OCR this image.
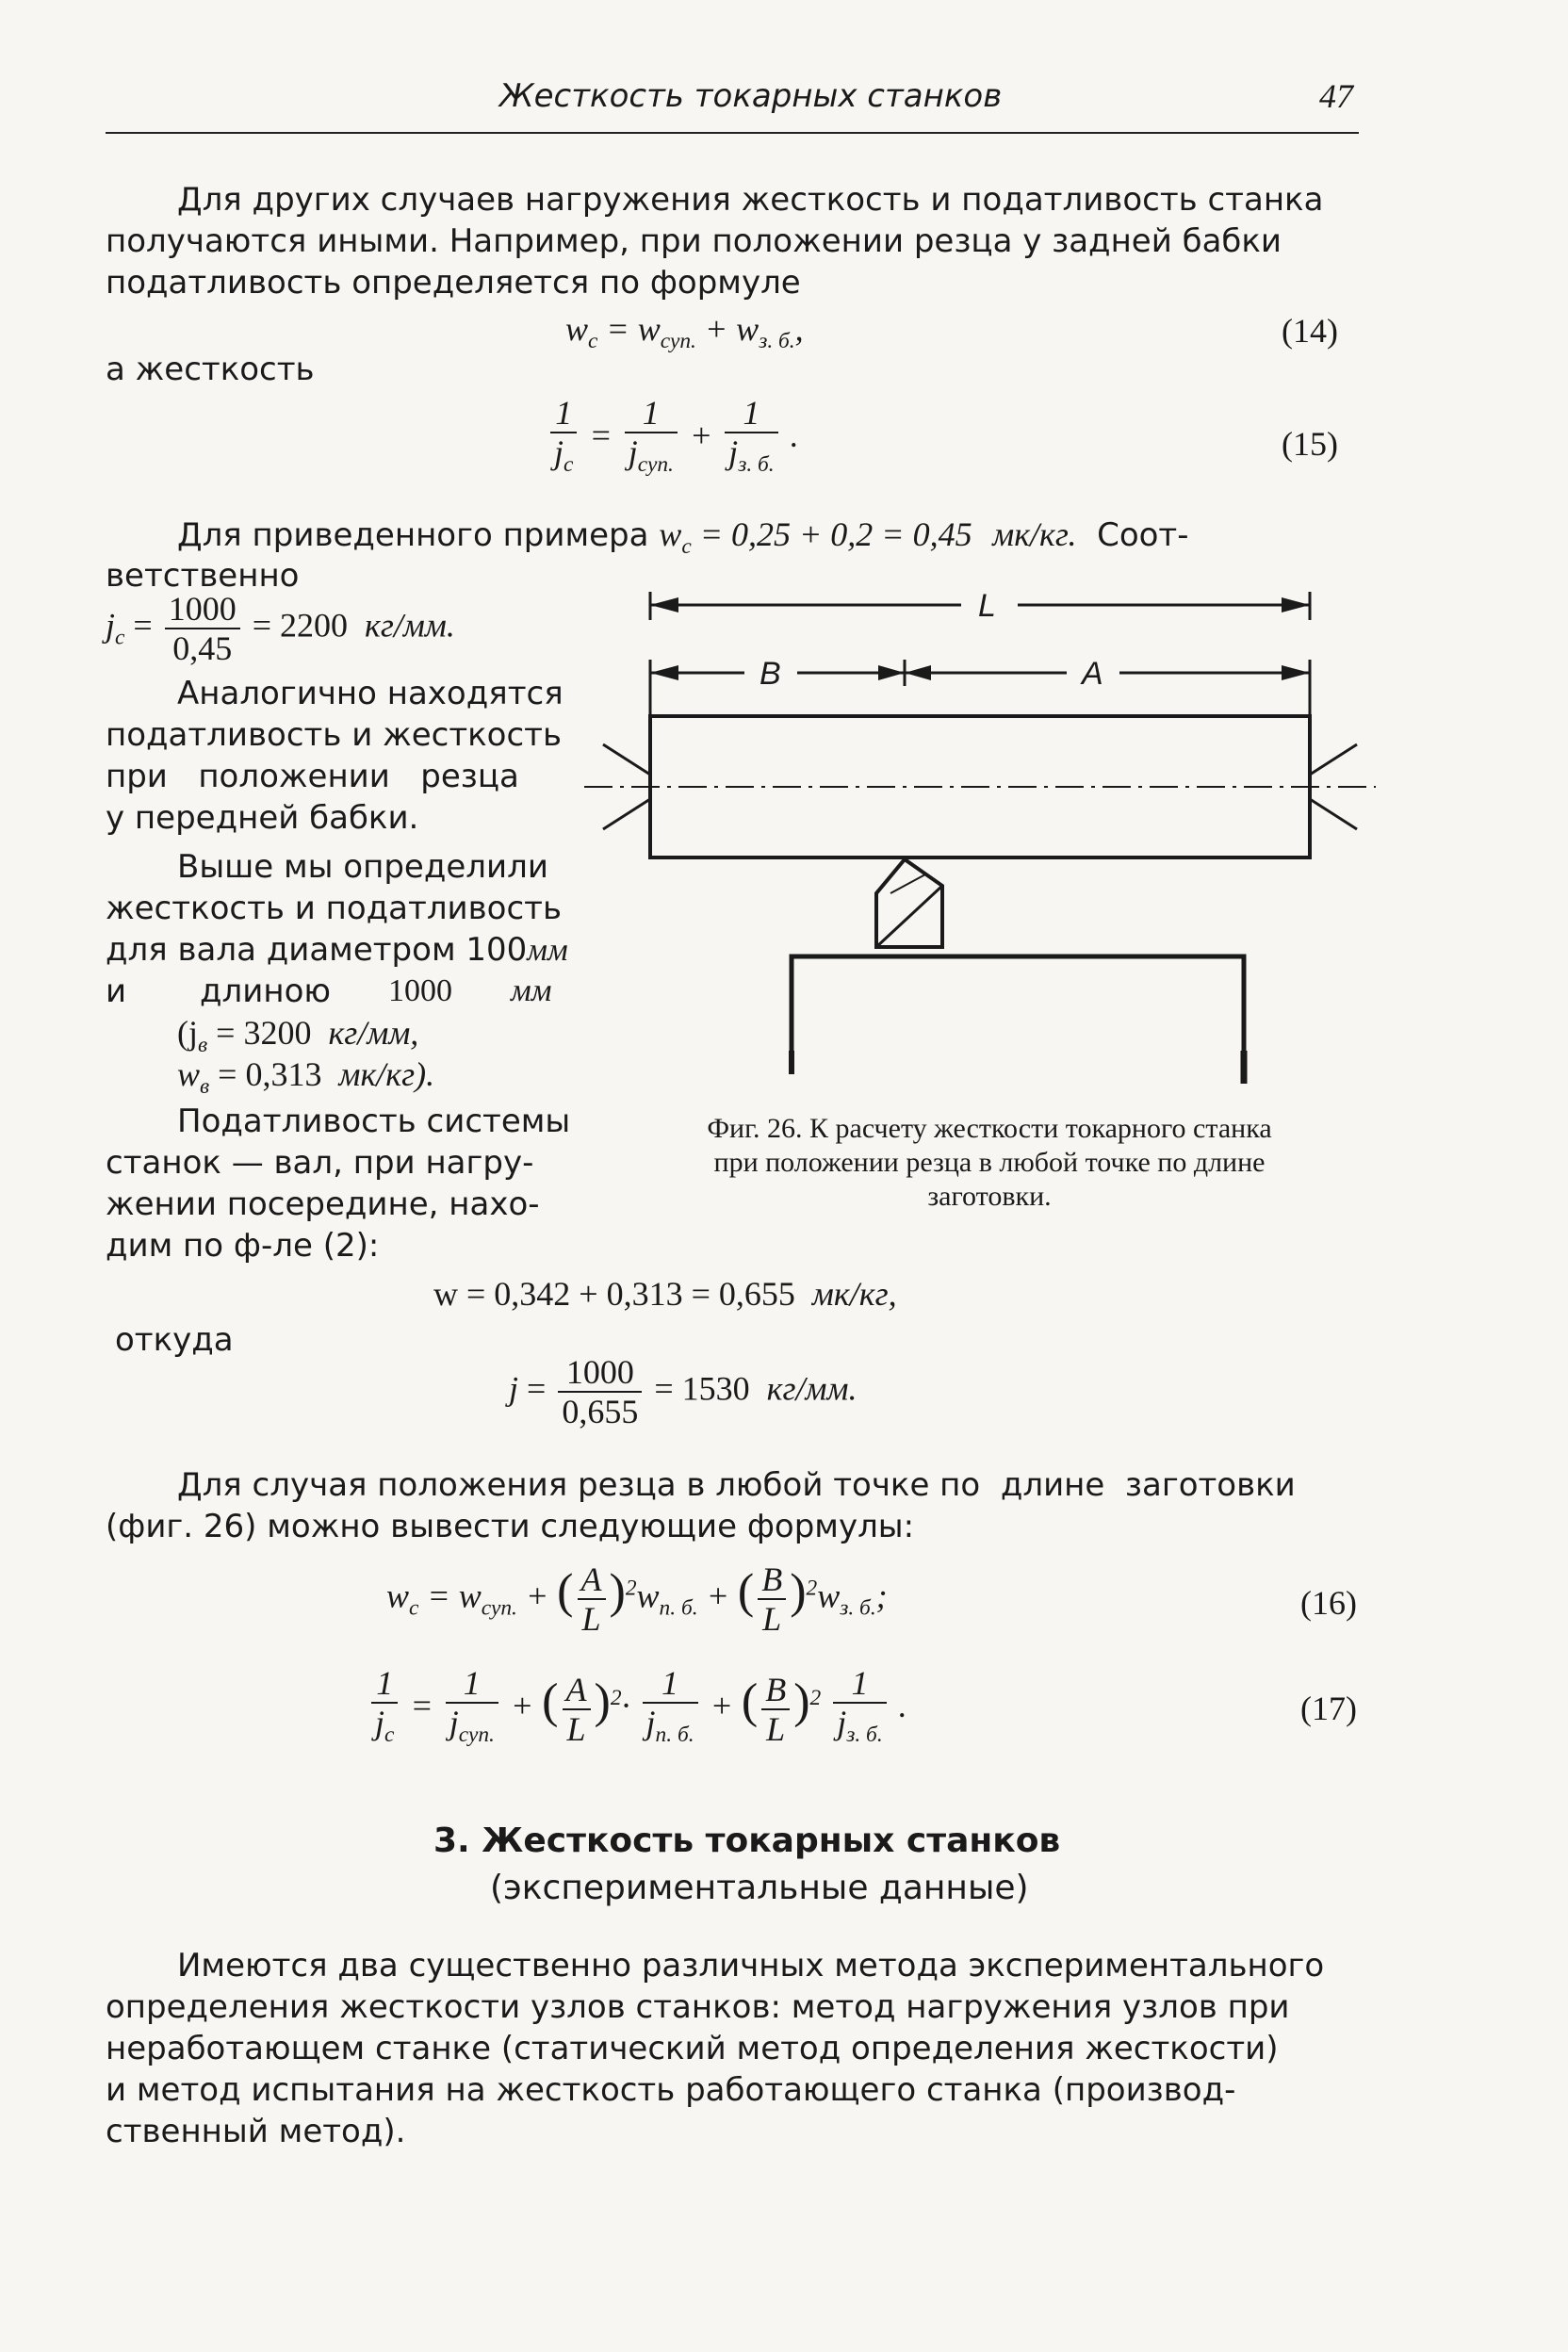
Жесткость токарных станков	47
Для других случаев нагружения жесткость и податливость станка
получаются иными. Например, при положении резца у задней бабки
податливость определяется по формуле
$w_с = w_{суп.} + w_{з. б.}$,	(14)
а жесткость
$\frac{1}{j_с} = \frac{1}{j_{суп.}} + \frac{1}{j_{з. б.}}$ .	(15)
Для приведенного примера $w_с = 0,25 + 0,2 = 0,45$ мк/кг. Соот-
ветственно
$j_с = \frac{1000}{0,45} = 2200$ кг/мм.
Аналогично находятся
податливость и жесткость
при   положении   резца
у передней бабки.
Выше мы определили
жесткость и податливость
для вала диаметром 100мм
и длиною 1000 мм
($j_в = 3200$ кг/мм,
$w_в = 0,313$ мк/кг).
Податливость системы
станок — вал, при нагру-
жении посередине, нахо-
дим по ф-ле (2):
L
В	А
Фиг. 26. К расчету жесткости токарного станка
при положении резца в любой точке по длине
заготовки.
w = 0,342 + 0,313 = 0,655 мк/кг,
откуда
$j = \frac{1000}{0,655} = 1530$ кг/мм.
Для случая положения резца в любой точке по  длине  заготовки
(фиг. 26) можно вывести следующие формулы:
$w_с = w_{суп.}$ + ( $\frac{A}{L} )^2w_{п. б.}$ + ( $\frac{B}{L} )^2w_{з. б.}$;	(16)
$\frac{1}{j_с} = \frac{1}{j_{суп.}}$ + ( $\frac{A}{L} )^2\cdot \frac{1}{j_{п. б.}}$ + ( $\frac{B}{L} )^2 \frac{1}{j_{з. б.}}$ .	(17)
3. Жесткость токарных станков
(экспериментальные данные)
Имеются два существенно различных метода экспериментального
определения жесткости узлов станков: метод нагружения узлов при
неработающем станке (статический метод определения жесткости)
и метод испытания на жесткость работающего станка (производ-
ственный метод).
